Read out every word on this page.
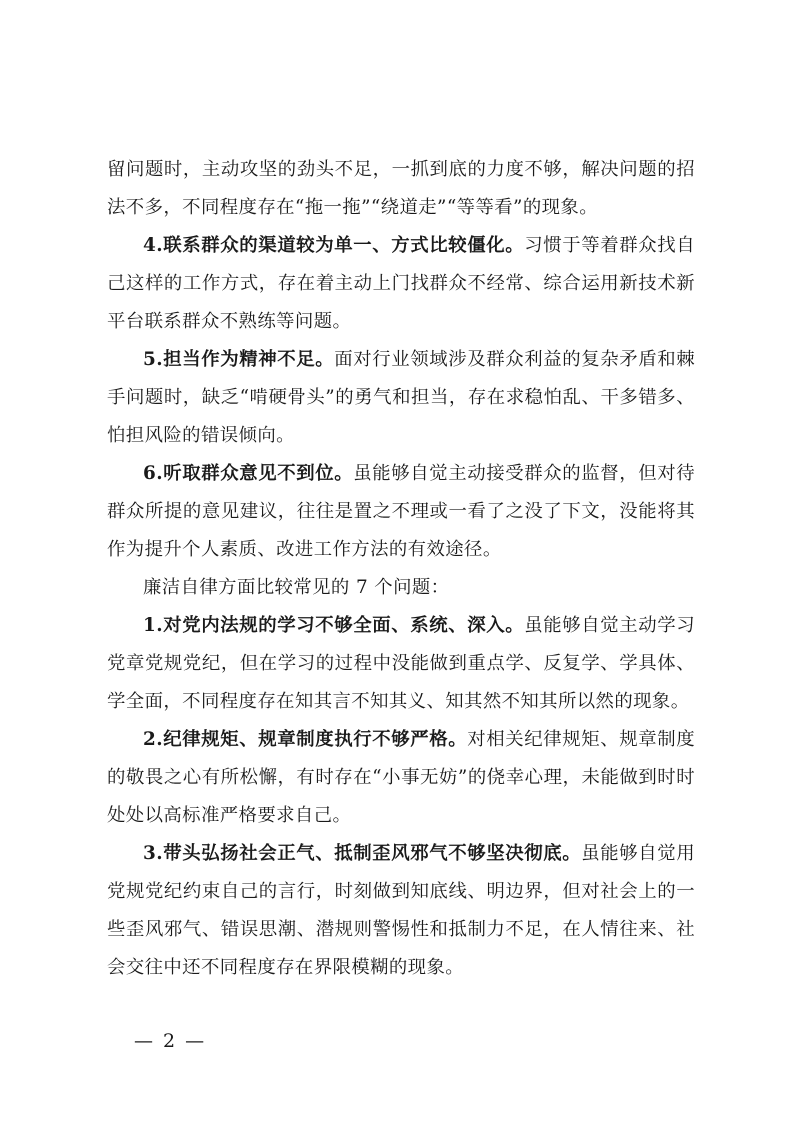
留问题时，主动攻坚的劲头不足，一抓到底的力度不够，解决问题的招法不多，不同程度存在“拖一拖”“绕道走”“等等看”的现象。

4.联系群众的渠道较为单一、方式比较僵化。习惯于等着群众找自己这样的工作方式，存在着主动上门找群众不经常、综合运用新技术新平台联系群众不熟练等问题。

5.担当作为精神不足。面对行业领域涉及群众利益的复杂矛盾和棘手问题时，缺乏“啃硬骨头”的勇气和担当，存在求稳怕乱、干多错多、怕担风险的错误倾向。

6.听取群众意见不到位。虽能够自觉主动接受群众的监督，但对待群众所提的意见建议，往往是置之不理或一看了之没了下文，没能将其作为提升个人素质、改进工作方法的有效途径。

廉洁自律方面比较常见的 7 个问题：

1.对党内法规的学习不够全面、系统、深入。虽能够自觉主动学习党章党规党纪，但在学习的过程中没能做到重点学、反复学、学具体、学全面，不同程度存在知其言不知其义、知其然不知其所以然的现象。

2.纪律规矩、规章制度执行不够严格。对相关纪律规矩、规章制度的敬畏之心有所松懈，有时存在“小事无妨”的侥幸心理，未能做到时时处处以高标准严格要求自己。

3.带头弘扬社会正气、抵制歪风邪气不够坚决彻底。虽能够自觉用党规党纪约束自己的言行，时刻做到知底线、明边界，但对社会上的一些歪风邪气、错误思潮、潜规则警惕性和抵制力不足，在人情往来、社会交往中还不同程度存在界限模糊的现象。

— 2 —
